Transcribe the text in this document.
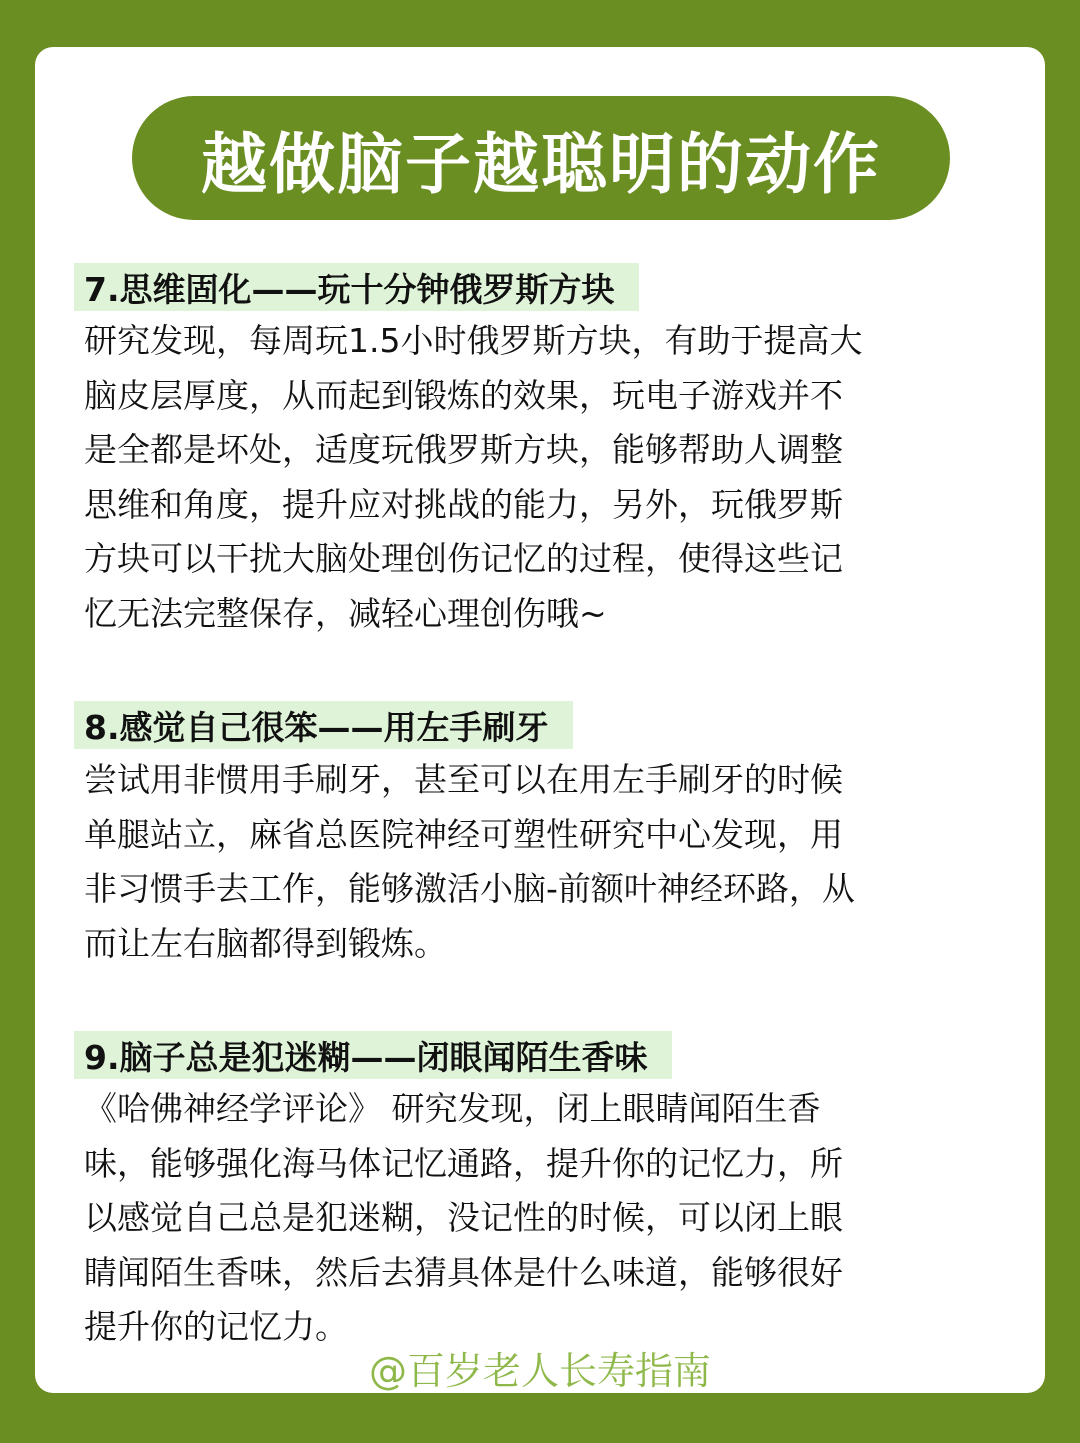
越做脑子越聪明的动作
7.思维固化——玩十分钟俄罗斯方块
研究发现，每周玩1.5小时俄罗斯方块，有助于提高大
脑皮层厚度，从而起到锻炼的效果，玩电子游戏并不
是全都是坏处，适度玩俄罗斯方块，能够帮助人调整
思维和角度，提升应对挑战的能力，另外，玩俄罗斯
方块可以干扰大脑处理创伤记忆的过程，使得这些记
忆无法完整保存，减轻心理创伤哦~
8.感觉自己很笨——用左手刷牙
尝试用非惯用手刷牙，甚至可以在用左手刷牙的时候
单腿站立，麻省总医院神经可塑性研究中心发现，用
非习惯手去工作，能够激活小脑-前额叶神经环路，从
而让左右脑都得到锻炼。
9.脑子总是犯迷糊——闭眼闻陌生香味
《哈佛神经学评论》 研究发现，闭上眼睛闻陌生香
味，能够强化海马体记忆通路，提升你的记忆力，所
以感觉自己总是犯迷糊，没记性的时候，可以闭上眼
睛闻陌生香味，然后去猜具体是什么味道，能够很好
提升你的记忆力。
@百岁老人长寿指南
